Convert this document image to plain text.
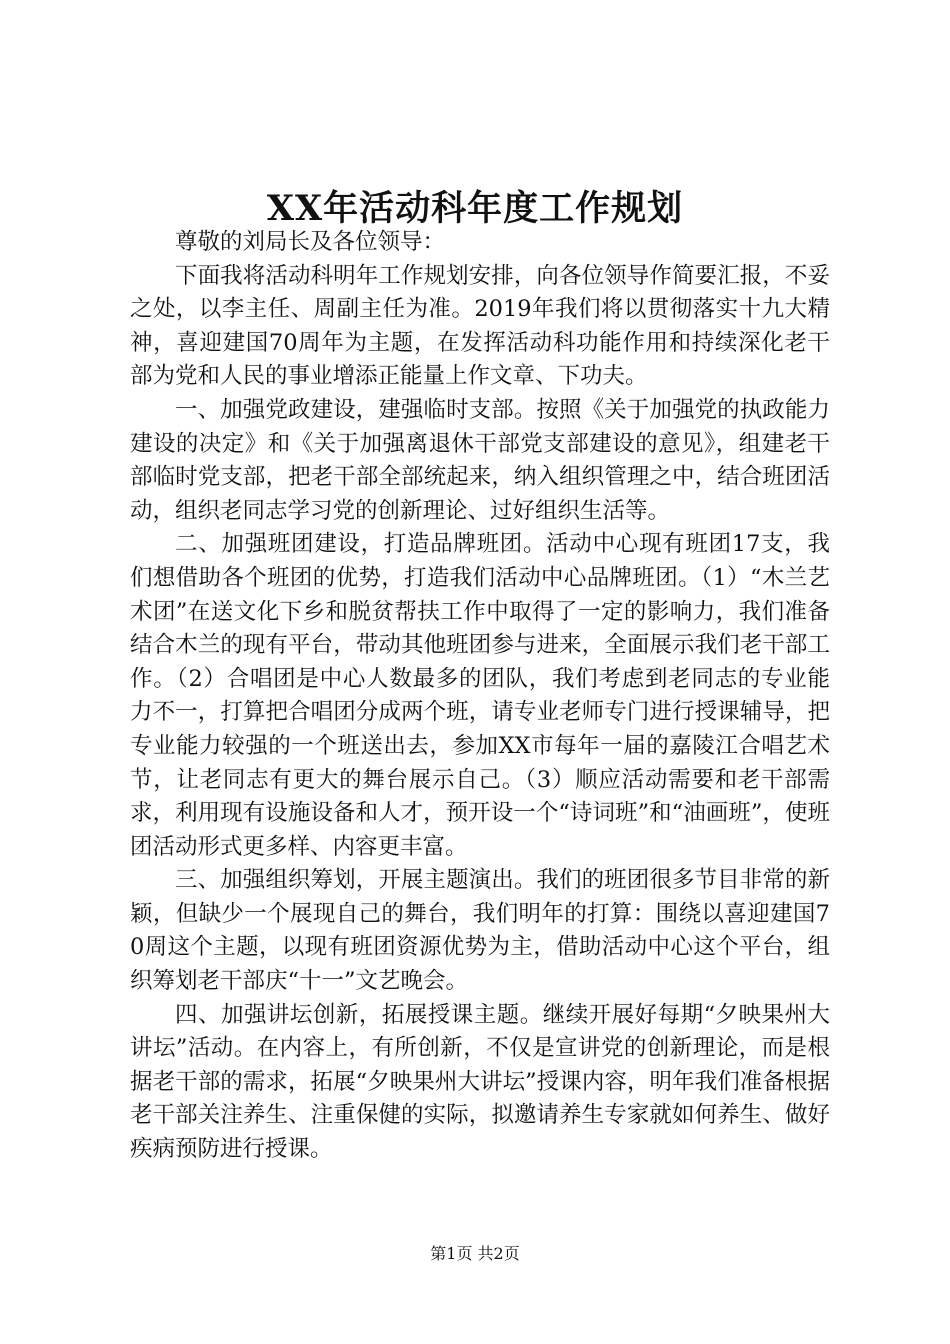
XX年活动科年度工作规划

尊敬的刘局长及各位领导：

下面我将活动科明年工作规划安排，向各位领导作简要汇报，不妥之处，以李主任、周副主任为准。2019年我们将以贯彻落实十九大精神，喜迎建国70周年为主题，在发挥活动科功能作用和持续深化老干部为党和人民的事业增添正能量上作文章、下功夫。

一、加强党政建设，建强临时支部。按照《关于加强党的执政能力建设的决定》和《关于加强离退休干部党支部建设的意见》，组建老干部临时党支部，把老干部全部统起来，纳入组织管理之中，结合班团活动，组织老同志学习党的创新理论、过好组织生活等。

二、加强班团建设，打造品牌班团。活动中心现有班团17支，我们想借助各个班团的优势，打造我们活动中心品牌班团。（1）“木兰艺术团”在送文化下乡和脱贫帮扶工作中取得了一定的影响力，我们准备结合木兰的现有平台，带动其他班团参与进来，全面展示我们老干部工作。（2）合唱团是中心人数最多的团队，我们考虑到老同志的专业能力不一，打算把合唱团分成两个班，请专业老师专门进行授课辅导，把专业能力较强的一个班送出去，参加XX市每年一届的嘉陵江合唱艺术节，让老同志有更大的舞台展示自己。（3）顺应活动需要和老干部需求，利用现有设施设备和人才，预开设一个“诗词班”和“油画班”，使班团活动形式更多样、内容更丰富。

三、加强组织筹划，开展主题演出。我们的班团很多节目非常的新颖，但缺少一个展现自己的舞台，我们明年的打算：围绕以喜迎建国70周这个主题，以现有班团资源优势为主，借助活动中心这个平台，组织筹划老干部庆“十一”文艺晚会。

四、加强讲坛创新，拓展授课主题。继续开展好每期“夕映果州大讲坛”活动。在内容上，有所创新，不仅是宣讲党的创新理论，而是根据老干部的需求，拓展“夕映果州大讲坛”授课内容，明年我们准备根据老干部关注养生、注重保健的实际，拟邀请养生专家就如何养生、做好疾病预防进行授课。

第1页 共2页
